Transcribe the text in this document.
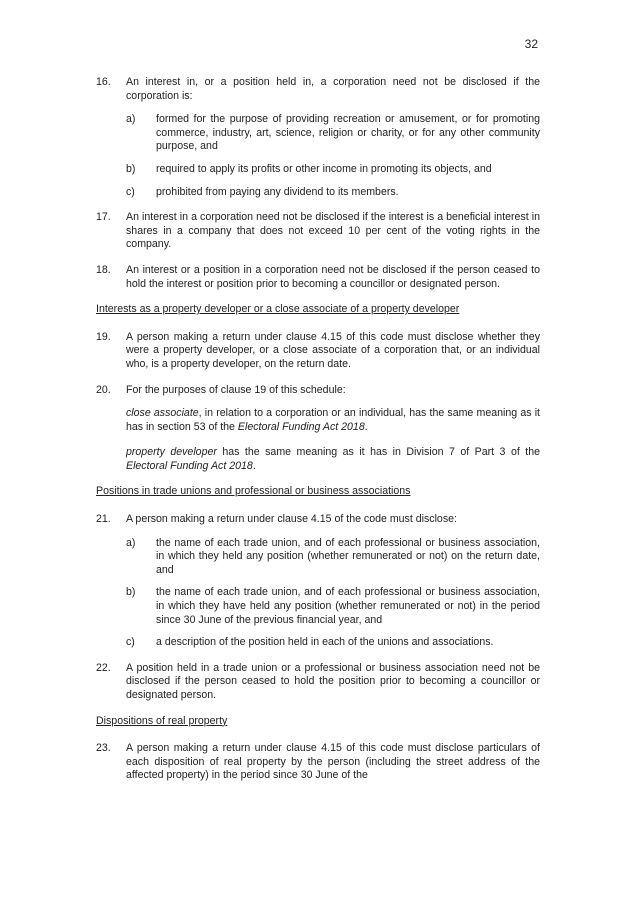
32
16.	An interest in, or a position held in, a corporation need not be disclosed if the corporation is:
a)	formed for the purpose of providing recreation or amusement, or for promoting commerce, industry, art, science, religion or charity, or for any other community purpose, and
b)	required to apply its profits or other income in promoting its objects, and
c)	prohibited from paying any dividend to its members.
17.	An interest in a corporation need not be disclosed if the interest is a beneficial interest in shares in a company that does not exceed 10 per cent of the voting rights in the company.
18.	An interest or a position in a corporation need not be disclosed if the person ceased to hold the interest or position prior to becoming a councillor or designated person.
Interests as a property developer or a close associate of a property developer
19.	A person making a return under clause 4.15 of this code must disclose whether they were a property developer, or a close associate of a corporation that, or an individual who, is a property developer, on the return date.
20.	For the purposes of clause 19 of this schedule:
close associate, in relation to a corporation or an individual, has the same meaning as it has in section 53 of the Electoral Funding Act 2018.
property developer has the same meaning as it has in Division 7 of Part 3 of the Electoral Funding Act 2018.
Positions in trade unions and professional or business associations
21.	A person making a return under clause 4.15 of the code must disclose:
a)	the name of each trade union, and of each professional or business association, in which they held any position (whether remunerated or not) on the return date, and
b)	the name of each trade union, and of each professional or business association, in which they have held any position (whether remunerated or not) in the period since 30 June of the previous financial year, and
c)	a description of the position held in each of the unions and associations.
22.	A position held in a trade union or a professional or business association need not be disclosed if the person ceased to hold the position prior to becoming a councillor or designated person.
Dispositions of real property
23.	A person making a return under clause 4.15 of this code must disclose particulars of each disposition of real property by the person (including the street address of the affected property) in the period since 30 June of the
